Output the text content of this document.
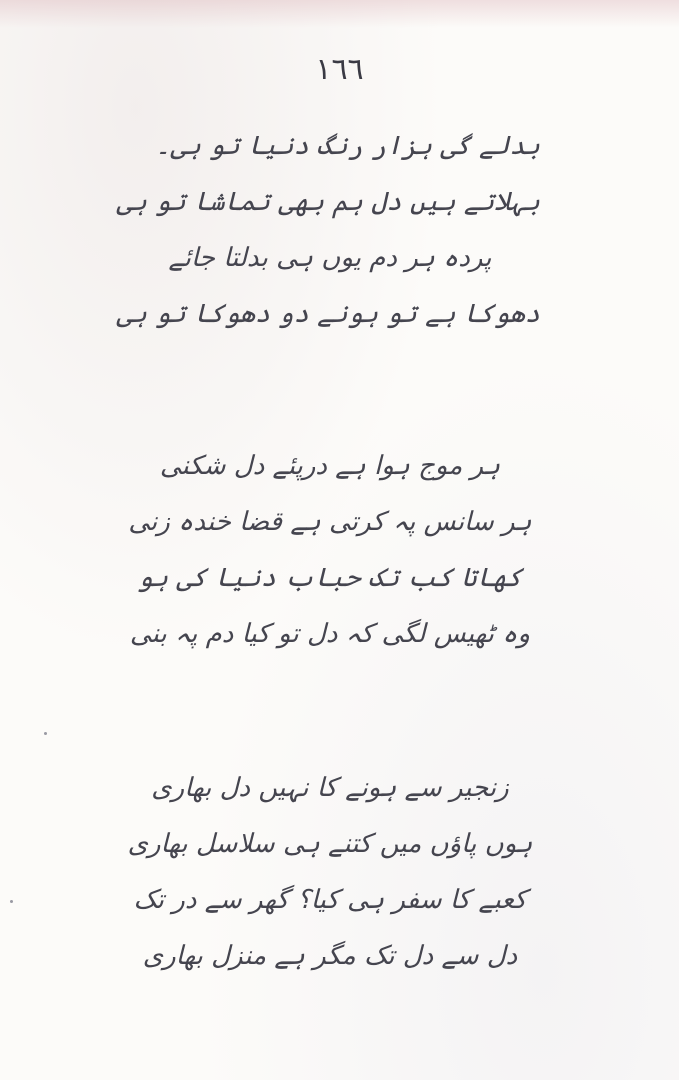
۱٦٦
بدلے گی ہزار رنگ دنیا تو ہی۔
بہلاتے ہیں دل ہم بھی تماشا تو ہی
پردہ ہر دم یوں ہی بدلتا جائے
دھوکا ہے تو ہونے دو دھوکا تو ہی
ہر موج ہوا ہے درپئے دل شکنی
ہر سانس پہ کرتی ہے قضا خندہ زنی
کھاتا کب تک حباب دنیا کی ہو
وہ ٹھیس لگی کہ دل تو کیا دم پہ بنی
زنجیر سے ہونے کا نہیں دل بھاری
ہوں پاؤں میں کتنے ہی سلاسل بھاری
کعبے کا سفر ہی کیا؟ گھر سے در تک
دل سے دل تک مگر ہے منزل بھاری
